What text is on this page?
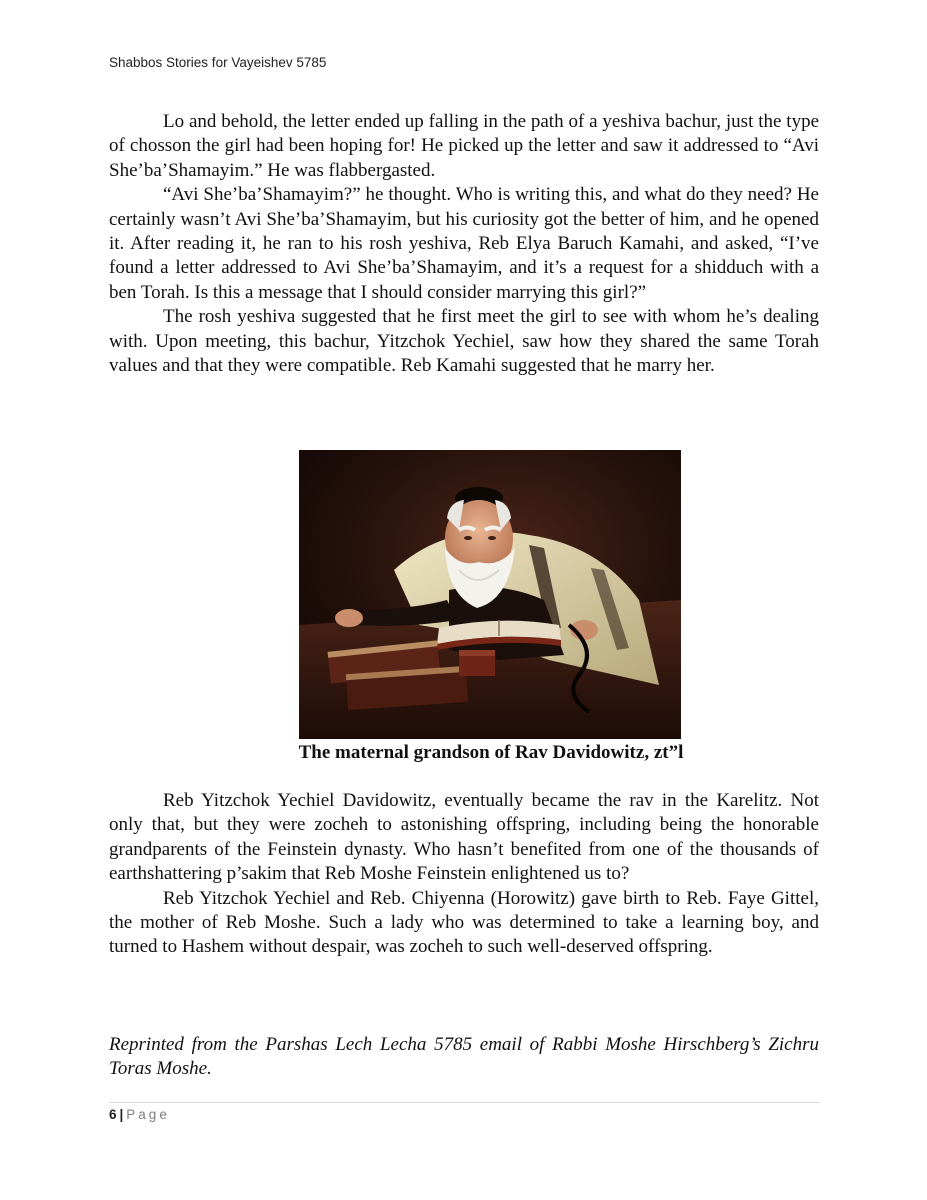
Shabbos Stories for Vayeishev 5785

Lo and behold, the letter ended up falling in the path of a yeshiva bachur, just the type of chosson the girl had been hoping for! He picked up the letter and saw it addressed to “Avi She’ba’Shamayim.” He was flabbergasted.

“Avi She’ba’Shamayim?” he thought. Who is writing this, and what do they need? He certainly wasn’t Avi She’ba’Shamayim, but his curiosity got the better of him, and he opened it. After reading it, he ran to his rosh yeshiva, Reb Elya Baruch Kamahi, and asked, “I’ve found a letter addressed to Avi She’ba’Shamayim, and it’s a request for a shidduch with a ben Torah. Is this a message that I should consider marrying this girl?”

The rosh yeshiva suggested that he first meet the girl to see with whom he’s dealing with. Upon meeting, this bachur, Yitzchok Yechiel, saw how they shared the same Torah values and that they were compatible. Reb Kamahi suggested that he marry her.

The maternal grandson of Rav Davidowitz, zt”l

Reb Yitzchok Yechiel Davidowitz, eventually became the rav in the Karelitz. Not only that, but they were zocheh to astonishing offspring, including being the honorable grandparents of the Feinstein dynasty. Who hasn’t benefited from one of the thousands of earthshattering p’sakim that Reb Moshe Feinstein enlightened us to?

Reb Yitzchok Yechiel and Reb. Chiyenna (Horowitz) gave birth to Reb. Faye Gittel, the mother of Reb Moshe. Such a lady who was determined to take a learning boy, and turned to Hashem without despair, was zocheh to such well-deserved offspring.

Reprinted from the Parshas Lech Lecha 5785 email of Rabbi Moshe Hirschberg’s Zichru Toras Moshe.
6 | Page
